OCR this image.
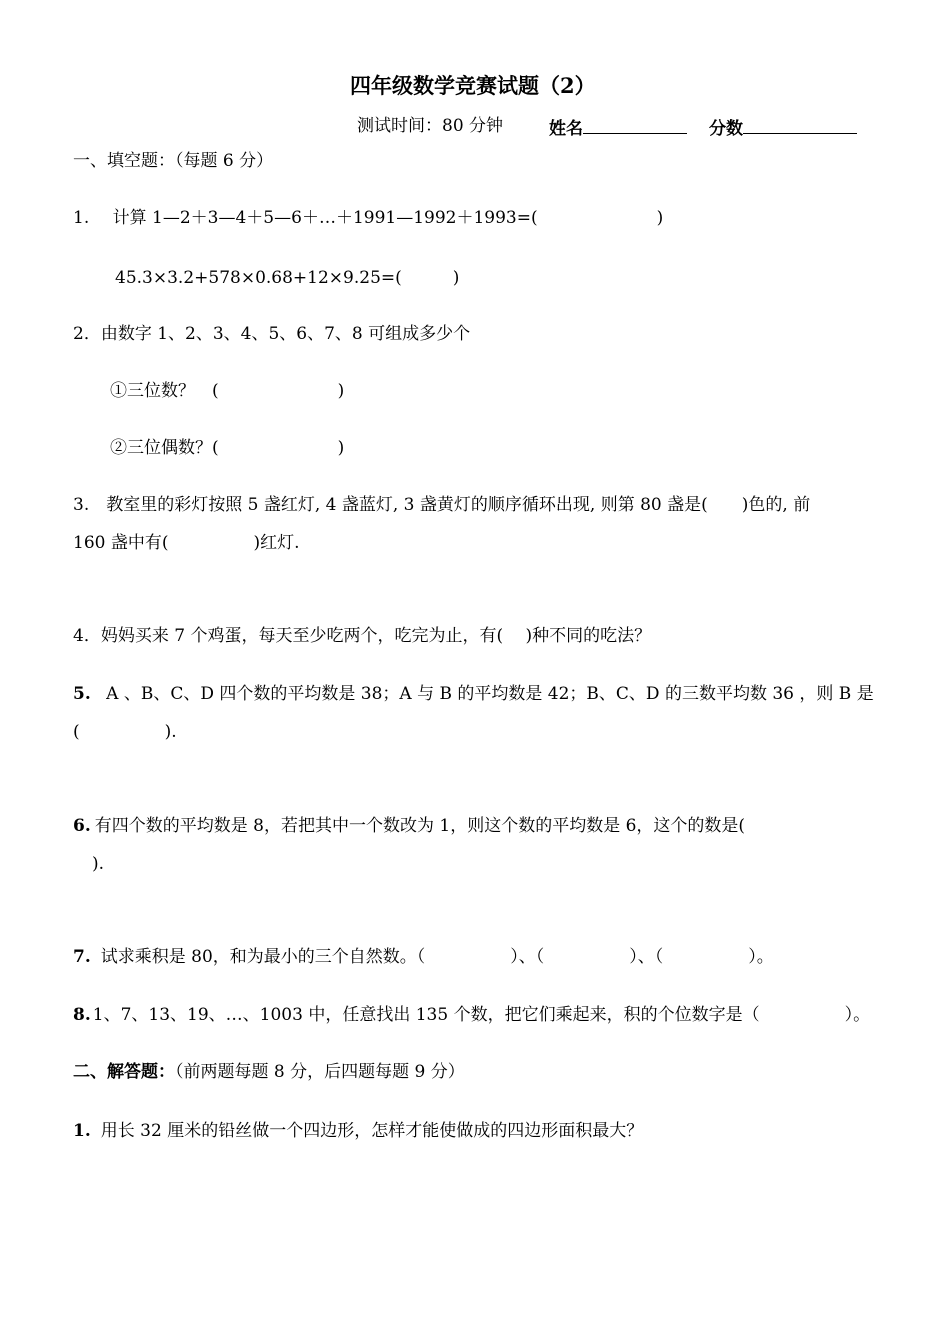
四年级数学竞赛试题（2）
测试时间：80 分钟	姓名	分数
一、填空题：（每题 6 分）
1. 计算 1—2＋3—4＋5—6＋…＋1991—1992＋1993=(　　　　　　　)
45.3×3.2+578×0.68+12×9.25=(　　　)
2．由数字 1、2、3、4、5、6、7、8 可组成多少个
①三位数？　(　　　　　　　)
②三位偶数？(　　　　　　　)
3.　教室里的彩灯按照 5 盏红灯, 4 盏蓝灯, 3 盏黄灯的顺序循环出现, 则第 80 盏是(　　)色的, 前
160 盏中有(　　　　　)红灯.
4．妈妈买来 7 个鸡蛋，每天至少吃两个，吃完为止，有(　 )种不同的吃法？
5. A 、B、C、D 四个数的平均数是 38；A 与 B 的平均数是 42；B、C、D 的三数平均数 36 ，则 B 是
(　　　　　).
6. 有四个数的平均数是 8，若把其中一个数改为 1，则这个数的平均数是 6，这个的数是(
).
7. 试求乘积是 80，和为最小的三个自然数。（　　　　　）、（　　　　　）、（　　　　　）。
8. 1、7、13、19、…、1003 中，任意找出 135 个数，把它们乘起来，积的个位数字是（　　　　　）。
二、解答题：（前两题每题 8 分，后四题每题 9 分）
1. 用长 32 厘米的铅丝做一个四边形，怎样才能使做成的四边形面积最大？
